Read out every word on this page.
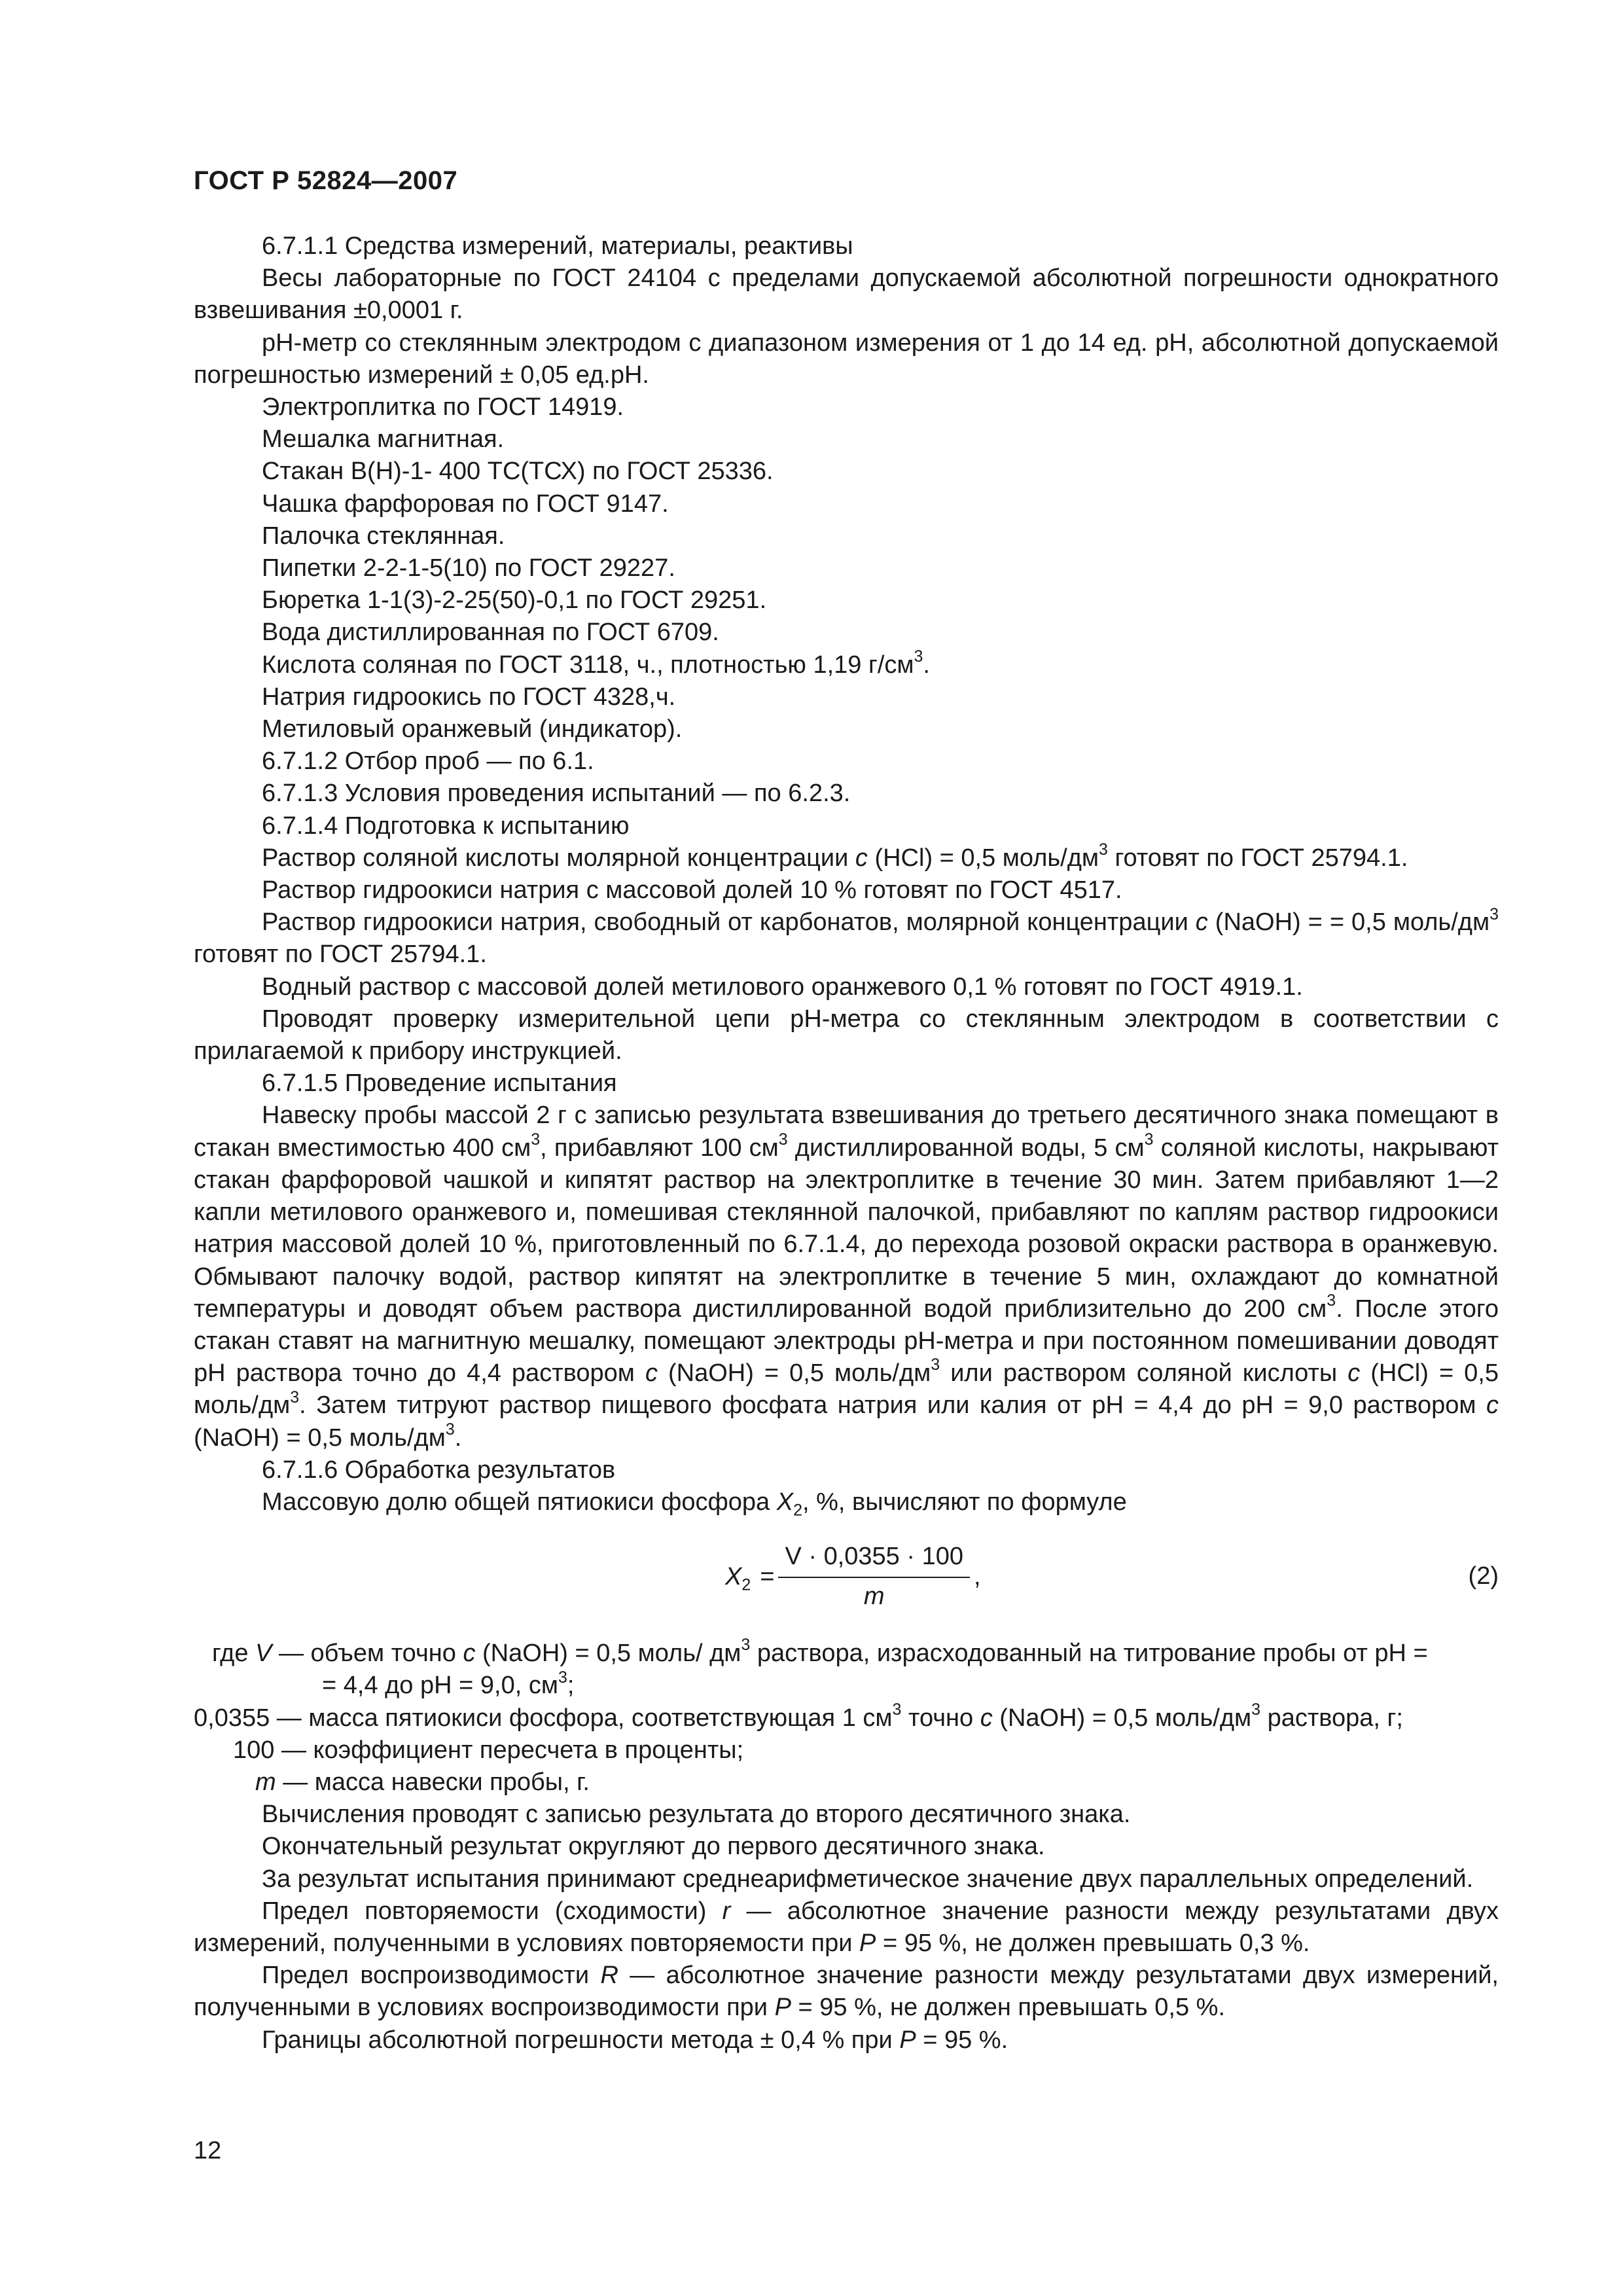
ГОСТ Р 52824—2007

6.7.1.1 Средства измерений, материалы, реактивы

Весы лабораторные по ГОСТ 24104 с пределами допускаемой абсолютной погрешности однократного взвешивания ±0,0001 г.

рН-метр со стеклянным электродом с диапазоном измерения от 1 до 14 ед. рН, абсолютной допускаемой погрешностью измерений ± 0,05 ед.рН.

Электроплитка по ГОСТ 14919.

Мешалка магнитная.

Стакан В(Н)-1- 400 ТС(ТСХ) по ГОСТ 25336.

Чашка фарфоровая по ГОСТ 9147.

Палочка стеклянная.

Пипетки 2-2-1-5(10) по ГОСТ 29227.

Бюретка 1-1(3)-2-25(50)-0,1 по ГОСТ 29251.

Вода дистиллированная по ГОСТ 6709.

Кислота соляная по ГОСТ 3118, ч., плотностью 1,19 $г/см^3$.

Натрия гидроокись по ГОСТ 4328,ч.

Метиловый оранжевый (индикатор).

6.7.1.2 Отбор проб — по 6.1.

6.7.1.3 Условия проведения испытаний — по 6.2.3.

6.7.1.4 Подготовка к испытанию

Раствор соляной кислоты молярной концентрации с (HCl) = 0,5 моль/$дм^3$ готовят по ГОСТ 25794.1.

Раствор гидроокиси натрия с массовой долей 10 % готовят по ГОСТ 4517.

Раствор гидроокиси натрия, свободный от карбонатов, молярной концентрации с (NaOH) = = 0,5 моль/$дм^3$ готовят по ГОСТ 25794.1.

Водный раствор с массовой долей метилового оранжевого 0,1 % готовят по ГОСТ 4919.1.

Проводят проверку измерительной цепи рН-метра со стеклянным электродом в соответствии с прилагаемой к прибору инструкцией.

6.7.1.5 Проведение испытания

Навеску пробы массой 2 г с записью результата взвешивания до третьего десятичного знака помещают в стакан вместимостью 400 $см^3$, прибавляют 100 $см^3$ дистиллированной воды, 5 $см^3$ соляной кислоты, накрывают стакан фарфоровой чашкой и кипятят раствор на электроплитке в течение 30 мин. Затем прибавляют 1—2 капли метилового оранжевого и, помешивая стеклянной палочкой, прибавляют по каплям раствор гидроокиси натрия массовой долей 10 %, приготовленный по 6.7.1.4, до перехода розовой окраски раствора в оранжевую. Обмывают палочку водой, раствор кипятят на электроплитке в течение 5 мин, охлаждают до комнатной температуры и доводят объем раствора дистиллированной водой приблизительно до 200 $см^3$. После этого стакан ставят на магнитную мешалку, помещают электроды рН-метра и при постоянном помешивании доводят рН раствора точно до 4,4 раствором с (NaOH) = 0,5 моль/$дм^3$ или раствором соляной кислоты с (HCl) = 0,5 моль/$дм^3$. Затем титруют раствор пищевого фосфата натрия или калия от рН = 4,4 до рН = 9,0 раствором с (NaOH) = 0,5 моль/$дм^3$.

6.7.1.6 Обработка результатов

Массовую долю общей пятиокиси фосфора $X_2$, %, вычисляют по формуле

$X_2 = \frac{V \cdot 0,0355 \cdot 100}{m}$ ,	(2)

где V — объем точно с (NaOH) = 0,5 моль/ $дм^3$ раствора, израсходованный на титрование пробы от рН =

= 4,4 до рН = 9,0, $см^3$;

0,0355 — масса пятиокиси фосфора, соответствующая 1 $см^3$ точно с (NaOH) = 0,5 моль/$дм^3$ раствора, г;

100 — коэффициент пересчета в проценты;

m — масса навески пробы, г.

Вычисления проводят с записью результата до второго десятичного знака.

Окончательный результат округляют до первого десятичного знака.

За результат испытания принимают среднеарифметическое значение двух параллельных определений.

Предел повторяемости (сходимости) r — абсолютное значение разности между результатами двух измерений, полученными в условиях повторяемости при P = 95 %, не должен превышать 0,3 %.

Предел воспроизводимости R — абсолютное значение разности между результатами двух измерений, полученными в условиях воспроизводимости при P = 95 %, не должен превышать 0,5 %.

Границы абсолютной погрешности метода ± 0,4 % при P = 95 %.

12
